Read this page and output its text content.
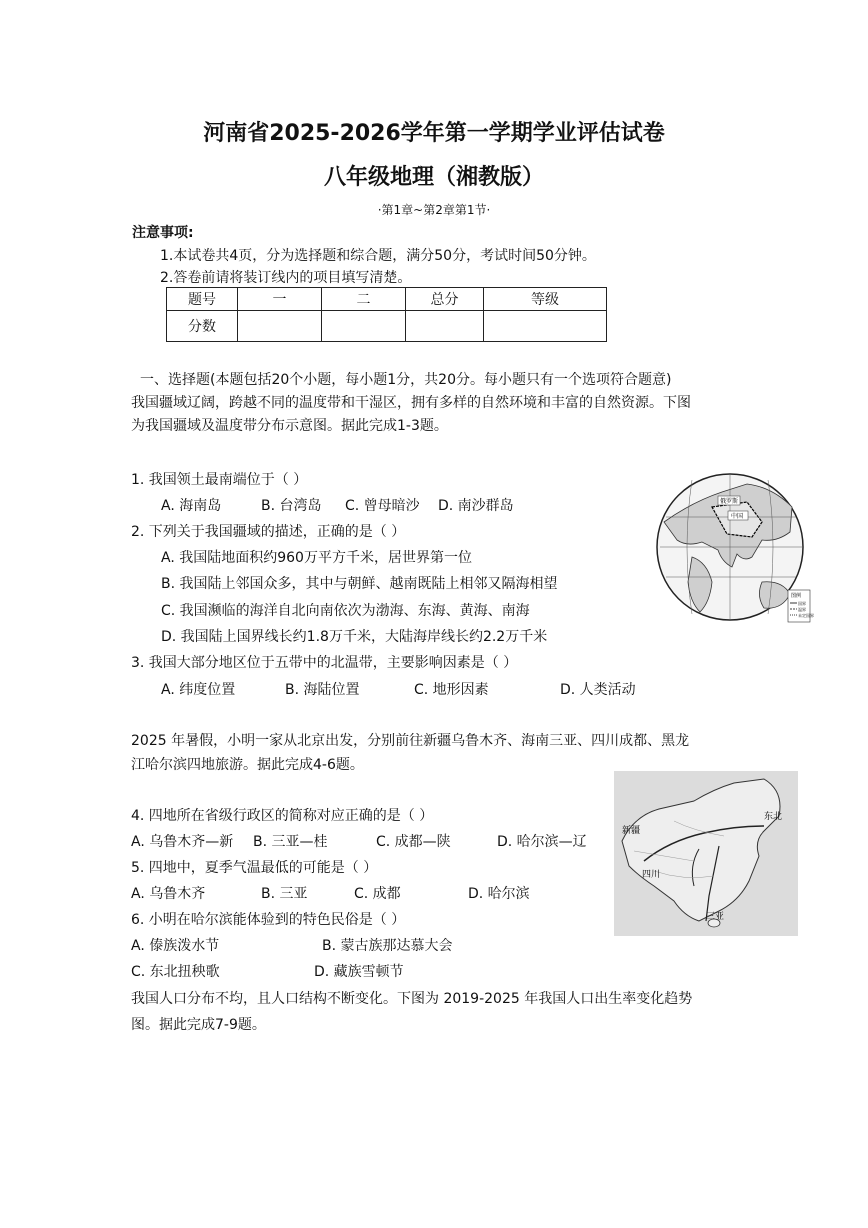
河南省2025-2026学年第一学期学业评估试卷
八年级地理（湘教版）
·第1章~第2章第1节·
注意事项:
1.本试卷共4页，分为选择题和综合题，满分50分，考试时间50分钟。
2.答卷前请将装订线内的项目填写清楚。
题号	一	二	总分	等级
分数				
一、选择题(本题包括20个小题，每小题1分，共20分。每小题只有一个选项符合题意)
我国疆域辽阔，跨越不同的温度带和干湿区，拥有多样的自然环境和丰富的自然资源。下图
为我国疆域及温度带分布示意图。据此完成1-3题。
1. 我国领土最南端位于（ ）
A. 海南岛	B. 台湾岛 C. 曾母暗沙 D. 南沙群岛
2. 下列关于我国疆域的描述，正确的是（ ）
A. 我国陆地面积约960万平方千米，居世界第一位
B. 我国陆上邻国众多，其中与朝鲜、越南既陆上相邻又隔海相望
C. 我国濒临的海洋自北向南依次为渤海、东海、黄海、南海
D. 我国陆上国界线长约1.8万千米，大陆海岸线长约2.2万千米
3. 我国大部分地区位于五带中的北温带，主要影响因素是（ ）
A. 纬度位置	B. 海陆位置	C. 地形因素	D. 人类活动
俄罗斯
中国
图例
国界
温界
未定国界
2025 年暑假，小明一家从北京出发，分别前往新疆乌鲁木齐、海南三亚、四川成都、黑龙
江哈尔滨四地旅游。据此完成4-6题。
新疆
东北
四川
三亚
4. 四地所在省级行政区的简称对应正确的是（ ）
A. 乌鲁木齐—新 B. 三亚—桂	C. 成都—陕	D. 哈尔滨—辽
5. 四地中，夏季气温最低的可能是（ ）
A. 乌鲁木齐	B. 三亚	C. 成都	D. 哈尔滨
6. 小明在哈尔滨能体验到的特色民俗是（ ）
A. 傣族泼水节	B. 蒙古族那达慕大会
C. 东北扭秧歌	D. 藏族雪顿节
我国人口分布不均，且人口结构不断变化。下图为 2019-2025 年我国人口出生率变化趋势
图。据此完成7-9题。
